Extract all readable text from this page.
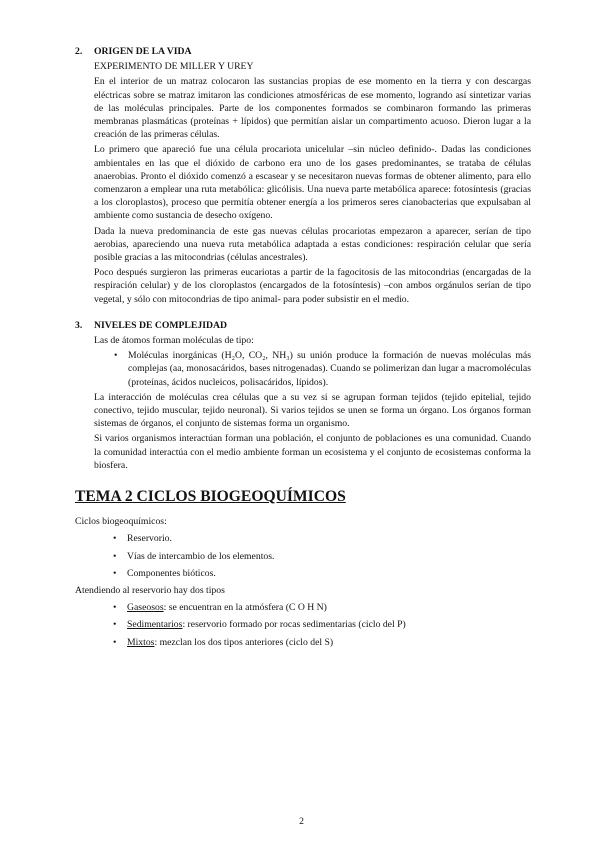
2.	ORIGEN DE LA VIDA
EXPERIMENTO DE MILLER Y UREY

En el interior de un matraz colocaron las sustancias propias de ese momento en la tierra y con descargas eléctricas sobre se matraz imitaron las condiciones atmosféricas de ese momento, logrando así sintetizar varias de las moléculas principales. Parte de los componentes formados se combinaron formando las primeras membranas plasmáticas (proteínas + lípidos) que permitían aislar un compartimento acuoso. Dieron lugar a la creación de las primeras células.

Lo primero que apareció fue una célula procariota unicelular –sin núcleo definido-. Dadas las condiciones ambientales en las que el dióxido de carbono era uno de los gases predominantes, se trataba de células anaerobias. Pronto el dióxido comenzó a escasear y se necesitaron nuevas formas de obtener alimento, para ello comenzaron a emplear una ruta metabólica: glicólisis. Una nueva parte metabólica aparece: fotosíntesis (gracias a los cloroplastos), proceso que permitía obtener energía a los primeros seres cianobacterias que expulsaban al ambiente como sustancia de desecho oxígeno.

Dada la nueva predominancia de este gas nuevas células procariotas empezaron a aparecer, serían de tipo aerobias, apareciendo una nueva ruta metabólica adaptada a estas condiciones: respiración celular que sería posible gracias a las mitocondrias (células ancestrales).

Poco después surgieron las primeras eucariotas a partir de la fagocitosis de las mitocondrias (encargadas de la respiración celular) y de los cloroplastos (encargados de la fotosíntesis) –con ambos orgánulos serían de tipo vegetal, y sólo con mitocondrias de tipo animal- para poder subsistir en el medio.

3.	NIVELES DE COMPLEJIDAD

Las de átomos forman moléculas de tipo:

•
Moléculas inorgánicas (H₂O, CO₂, NH₃) su unión produce la formación de nuevas moléculas más complejas (aa, monosacáridos, bases nitrogenadas). Cuando se polimerizan dan lugar a macromoléculas (proteínas, ácidos nucleicos, polisacáridos, lípidos).

La interacción de moléculas crea células que a su vez si se agrupan forman tejidos (tejido epitelial, tejido conectivo, tejido muscular, tejido neuronal). Si varios tejidos se unen se forma un órgano. Los órganos forman sistemas de órganos, el conjunto de sistemas forma un organismo.

Si varios organismos interactúan forman una población, el conjunto de poblaciones es una comunidad. Cuando la comunidad interactúa con el medio ambiente forman un ecosistema y el conjunto de ecosistemas conforma la biosfera.

TEMA 2 CICLOS BIOGEOQUÍMICOS
Ciclos biogeoquímicos:
•
Reservorio.
•
Vías de intercambio de los elementos.
•
Componentes bióticos.
Atendiendo al reservorio hay dos tipos
•
Gaseosos: se encuentran en la atmósfera (C O H N)
•
Sedimentarios: reservorio formado por rocas sedimentarias (ciclo del P)
•
Mixtos: mezclan los dos tipos anteriores (ciclo del S)
2
